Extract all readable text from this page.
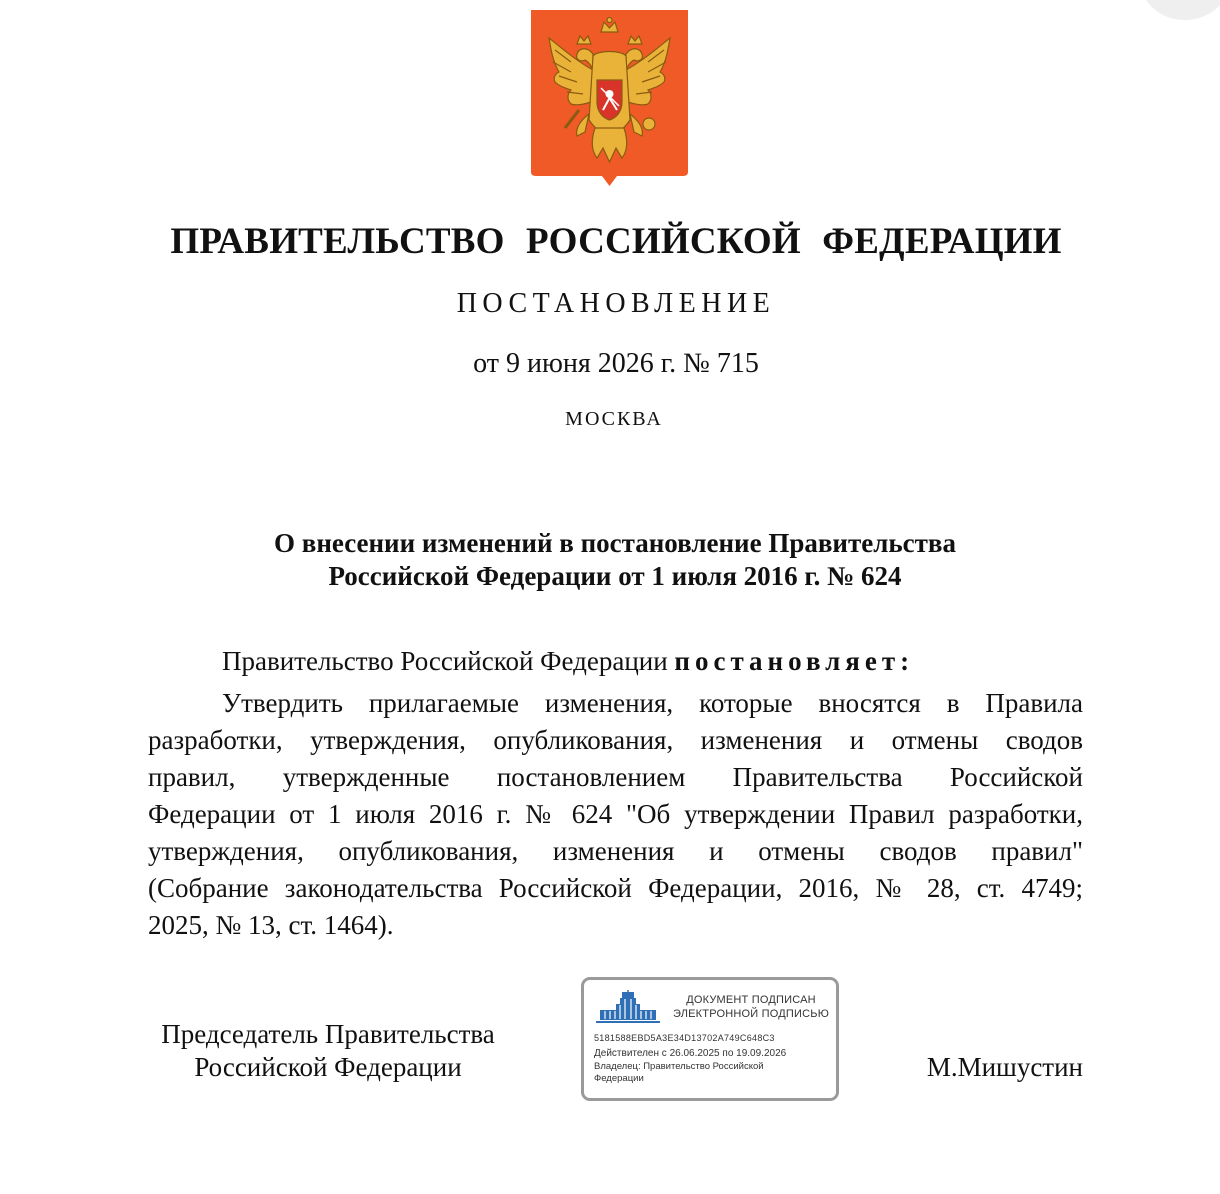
ПРАВИТЕЛЬСТВО РОССИЙСКОЙ ФЕДЕРАЦИИ
ПОСТАНОВЛЕНИЕ
от 9 июня 2026 г. № 715
МОСКВА
О внесении изменений в постановление Правительства
Российской Федерации от 1 июля 2016 г. № 624
Правительство Российской Федерации постановляет:
Утвердить прилагаемые изменения, которые вносятся в Правила
разработки, утверждения, опубликования, изменения и отмены сводов
правил, утвержденные постановлением Правительства Российской
Федерации от 1 июля 2016 г. № 624 "Об утверждении Правил разработки,
утверждения, опубликования, изменения и отмены сводов правил"
(Собрание законодательства Российской Федерации, 2016, № 28, ст. 4749;
2025, № 13, ст. 1464).
Председатель Правительства
Российской Федерации
ДОКУМЕНТ ПОДПИСАН
ЭЛЕКТРОННОЙ ПОДПИСЬЮ
5181588EBD5A3E34D13702A749C648C3
Действителен с 26.06.2025 по 19.09.2026
Владелец: Правительство Российской
Федерации	М.Мишустин
